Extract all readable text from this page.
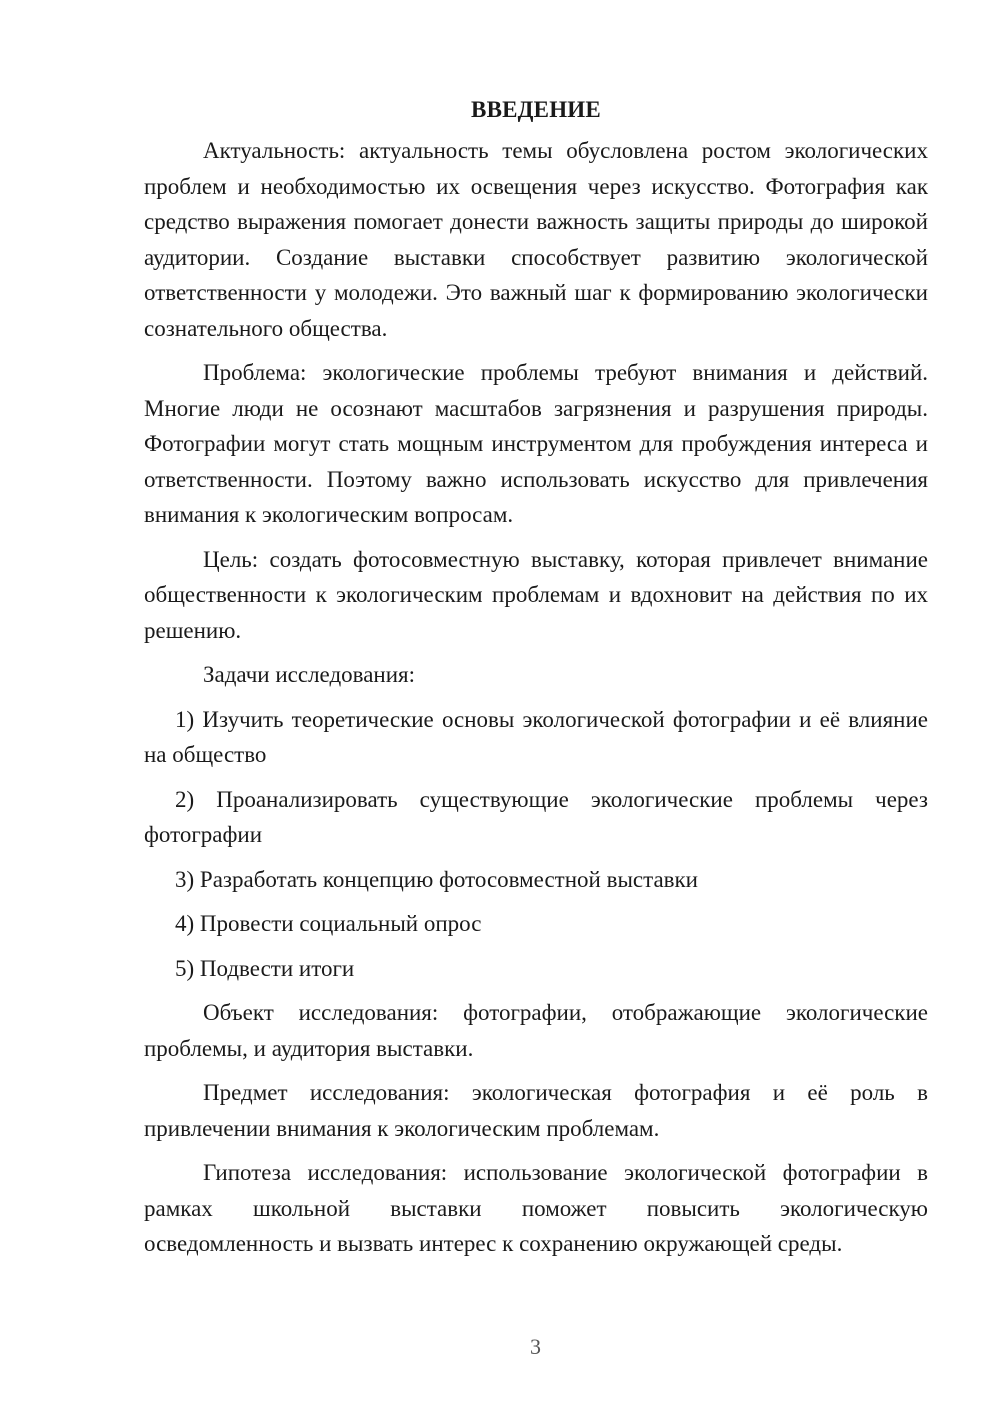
ВВЕДЕНИЕ

Актуальность: актуальность темы обусловлена ростом экологических проблем и необходимостью их освещения через искусство. Фотография как средство выражения помогает донести важность защиты природы до широкой аудитории. Создание выставки способствует развитию экологической ответственности у молодежи. Это важный шаг к формированию экологически сознательного общества.

Проблема: экологические проблемы требуют внимания и действий. Многие люди не осознают масштабов загрязнения и разрушения природы. Фотографии могут стать мощным инструментом для пробуждения интереса и ответственности. Поэтому важно использовать искусство для привлечения внимания к экологическим вопросам.

Цель: создать фотосовместную выставку, которая привлечет внимание общественности к экологическим проблемам и вдохновит на действия по их решению.

Задачи исследования:

1) Изучить теоретические основы экологической фотографии и её влияние на общество

2) Проанализировать существующие экологические проблемы через фотографии

3) Разработать концепцию фотосовместной выставки

4) Провести социальный опрос

5) Подвести итоги

Объект исследования: фотографии, отображающие экологические проблемы, и аудитория выставки.

Предмет исследования: экологическая фотография и её роль в привлечении внимания к экологическим проблемам.

Гипотеза исследования: использование экологической фотографии в рамках школьной выставки поможет повысить экологическую осведомленность и вызвать интерес к сохранению окружающей среды.

3
